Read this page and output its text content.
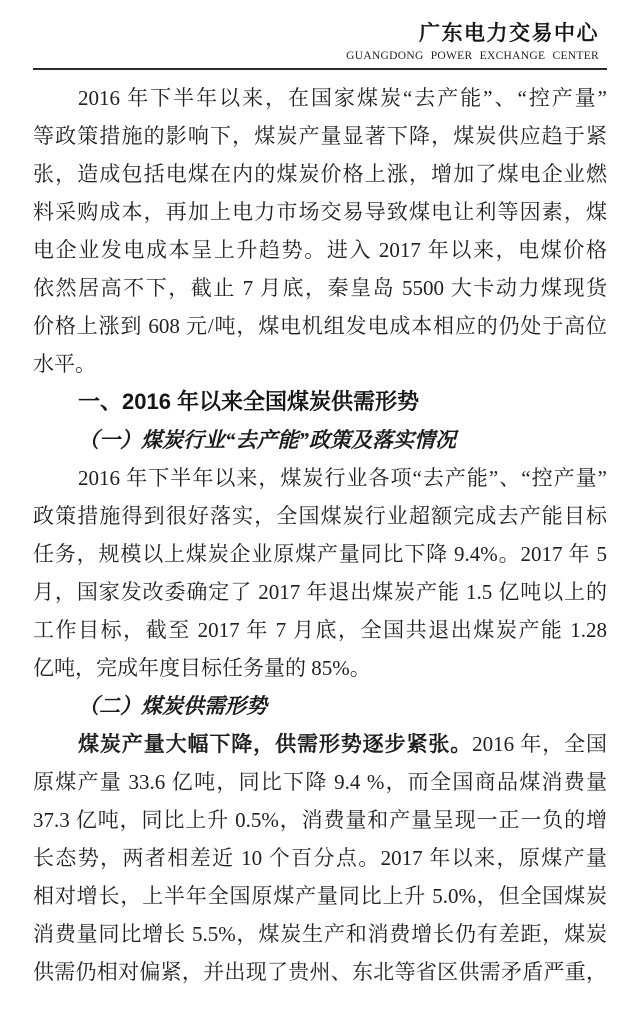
广东电力交易中心
GUANGDONG POWER EXCHANGE CENTER
2016 年下半年以来，在国家煤炭“去产能”、“控产量”
等政策措施的影响下，煤炭产量显著下降，煤炭供应趋于紧
张，造成包括电煤在内的煤炭价格上涨，增加了煤电企业燃
料采购成本，再加上电力市场交易导致煤电让利等因素，煤
电企业发电成本呈上升趋势。进入 2017 年以来，电煤价格
依然居高不下，截止 7 月底，秦皇岛 5500 大卡动力煤现货
价格上涨到 608 元/吨，煤电机组发电成本相应的仍处于高位
水平。
一、2016 年以来全国煤炭供需形势
（一）煤炭行业“去产能”政策及落实情况
2016 年下半年以来，煤炭行业各项“去产能”、“控产量”
政策措施得到很好落实，全国煤炭行业超额完成去产能目标
任务，规模以上煤炭企业原煤产量同比下降 9.4%。2017 年 5
月，国家发改委确定了 2017 年退出煤炭产能 1.5 亿吨以上的
工作目标，截至 2017 年 7 月底，全国共退出煤炭产能 1.28
亿吨，完成年度目标任务量的 85%。
（二）煤炭供需形势
煤炭产量大幅下降，供需形势逐步紧张。2016 年，全国
原煤产量 33.6 亿吨，同比下降 9.4 %，而全国商品煤消费量
37.3 亿吨，同比上升 0.5%，消费量和产量呈现一正一负的增
长态势，两者相差近 10 个百分点。2017 年以来，原煤产量
相对增长，上半年全国原煤产量同比上升 5.0%，但全国煤炭
消费量同比增长 5.5%，煤炭生产和消费增长仍有差距，煤炭
供需仍相对偏紧，并出现了贵州、东北等省区供需矛盾严重，
